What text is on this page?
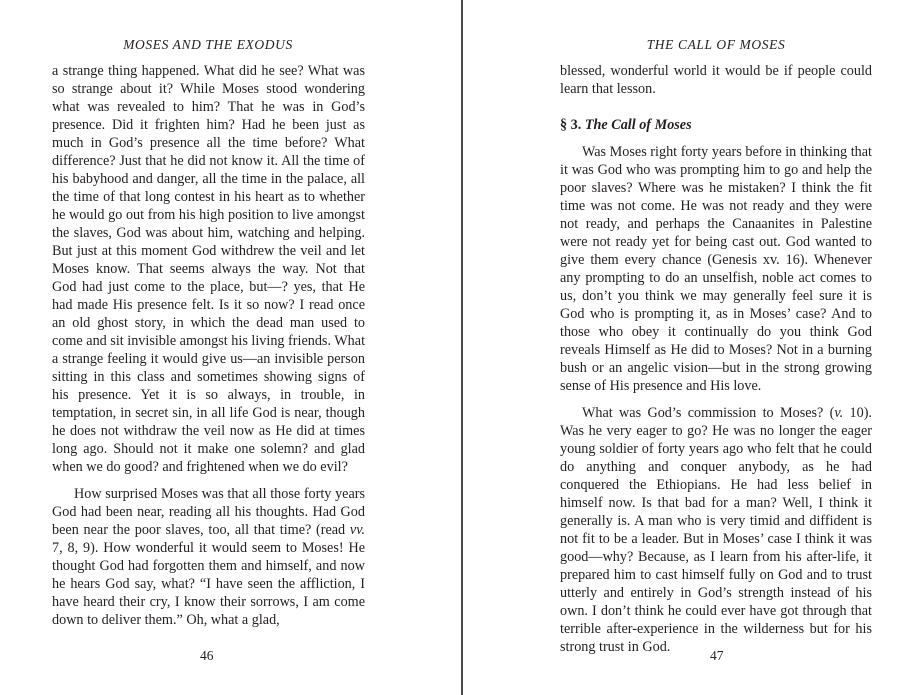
MOSES AND THE EXODUS

a strange thing happened. What did he see? What was so strange about it? While Moses stood wondering what was revealed to him? That he was in God’s presence. Did it frighten him? Had he been just as much in God’s presence all the time before? What difference? Just that he did not know it. All the time of his babyhood and danger, all the time in the palace, all the time of that long contest in his heart as to whether he would go out from his high position to live amongst the slaves, God was about him, watching and helping. But just at this moment God withdrew the veil and let Moses know. That seems always the way. Not that God had just come to the place, but—? yes, that He had made His presence felt. Is it so now? I read once an old ghost story, in which the dead man used to come and sit invisible amongst his living friends. What a strange feeling it would give us—an invisible person sitting in this class and sometimes showing signs of his presence. Yet it is so always, in trouble, in temptation, in secret sin, in all life God is near, though he does not withdraw the veil now as He did at times long ago. Should not it make one solemn? and glad when we do good? and frightened when we do evil?

How surprised Moses was that all those forty years God had been near, reading all his thoughts. Had God been near the poor slaves, too, all that time? (read vv. 7, 8, 9). How wonderful it would seem to Moses! He thought God had forgotten them and himself, and now he hears God say, what? “I have seen the affliction, I have heard their cry, I know their sorrows, I am come down to deliver them.” Oh, what a glad,

46
THE CALL OF MOSES

blessed, wonderful world it would be if people could learn that lesson.

§ 3. The Call of Moses

Was Moses right forty years before in thinking that it was God who was prompting him to go and help the poor slaves? Where was he mistaken? I think the fit time was not come. He was not ready and they were not ready, and perhaps the Canaanites in Palestine were not ready yet for being cast out. God wanted to give them every chance (Genesis xv. 16). Whenever any prompting to do an unselfish, noble act comes to us, don’t you think we may generally feel sure it is God who is prompting it, as in Moses’ case? And to those who obey it continually do you think God reveals Himself as He did to Moses? Not in a burning bush or an angelic vision—but in the strong growing sense of His presence and His love.

What was God’s commission to Moses? (v. 10). Was he very eager to go? He was no longer the eager young soldier of forty years ago who felt that he could do anything and conquer anybody, as he had conquered the Ethiopians. He had less belief in himself now. Is that bad for a man? Well, I think it generally is. A man who is very timid and diffident is not fit to be a leader. But in Moses’ case I think it was good—why? Because, as I learn from his after-life, it prepared him to cast himself fully on God and to trust utterly and entirely in God’s strength instead of his own. I don’t think he could ever have got through that terrible after-experience in the wilderness but for his strong trust in God.

47
